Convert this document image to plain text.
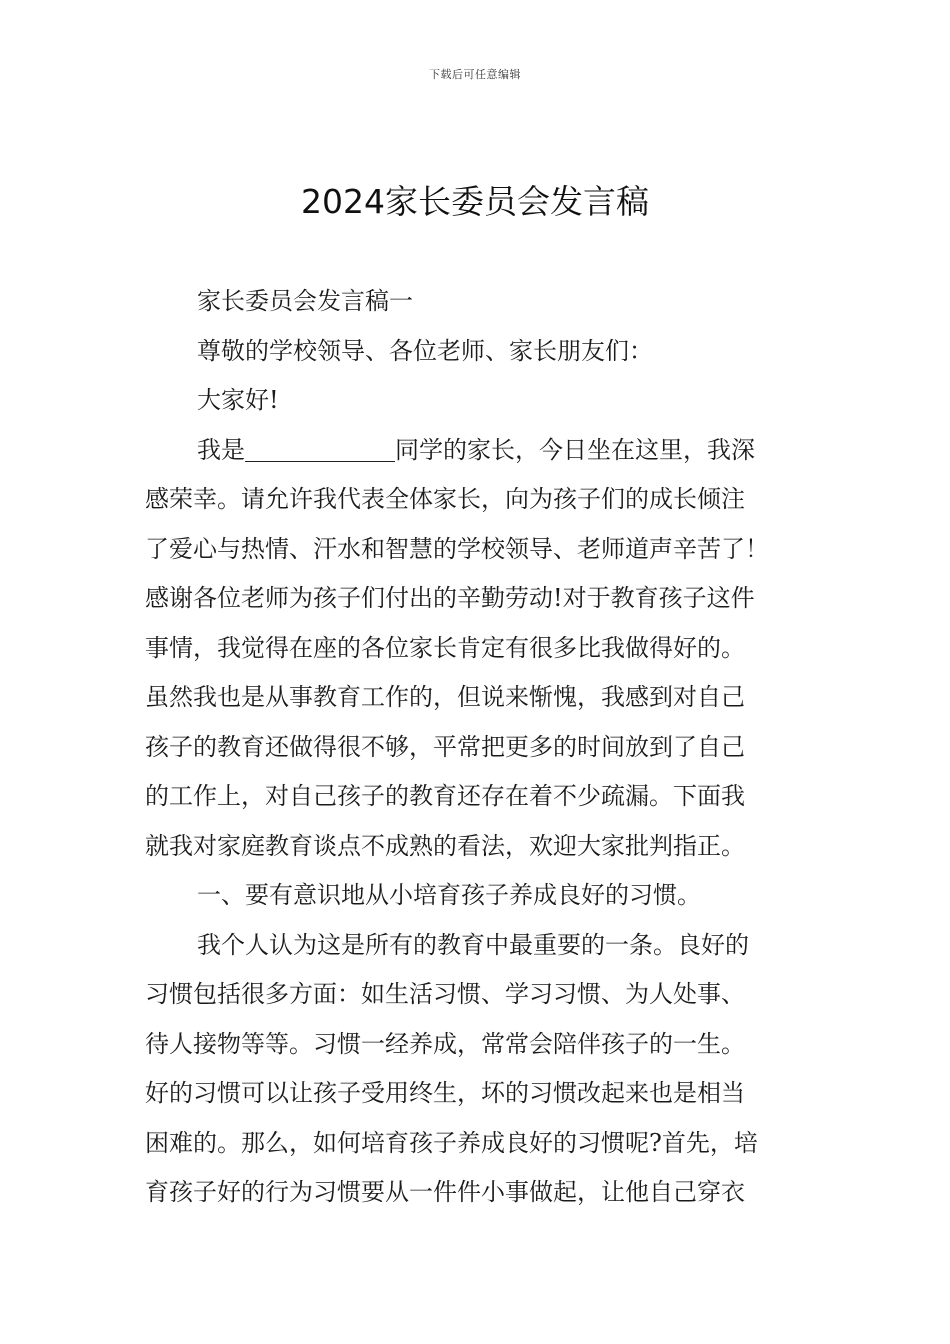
下载后可任意编辑
2024家长委员会发言稿
家长委员会发言稿一
尊敬的学校领导、各位老师、家长朋友们：
大家好!
我是	同学的家长，今日坐在这里，我深
感荣幸。请允许我代表全体家长，向为孩子们的成长倾注
了爱心与热情、汗水和智慧的学校领导、老师道声辛苦了！
感谢各位老师为孩子们付出的辛勤劳动!对于教育孩子这件
事情，我觉得在座的各位家长肯定有很多比我做得好的。
虽然我也是从事教育工作的，但说来惭愧，我感到对自己
孩子的教育还做得很不够，平常把更多的时间放到了自己
的工作上，对自己孩子的教育还存在着不少疏漏。下面我
就我对家庭教育谈点不成熟的看法，欢迎大家批判指正。
一、要有意识地从小培育孩子养成良好的习惯。
我个人认为这是所有的教育中最重要的一条。良好的
习惯包括很多方面：如生活习惯、学习习惯、为人处事、
待人接物等等。习惯一经养成，常常会陪伴孩子的一生。
好的习惯可以让孩子受用终生，坏的习惯改起来也是相当
困难的。那么，如何培育孩子养成良好的习惯呢?首先，培
育孩子好的行为习惯要从一件件小事做起，让他自己穿衣
